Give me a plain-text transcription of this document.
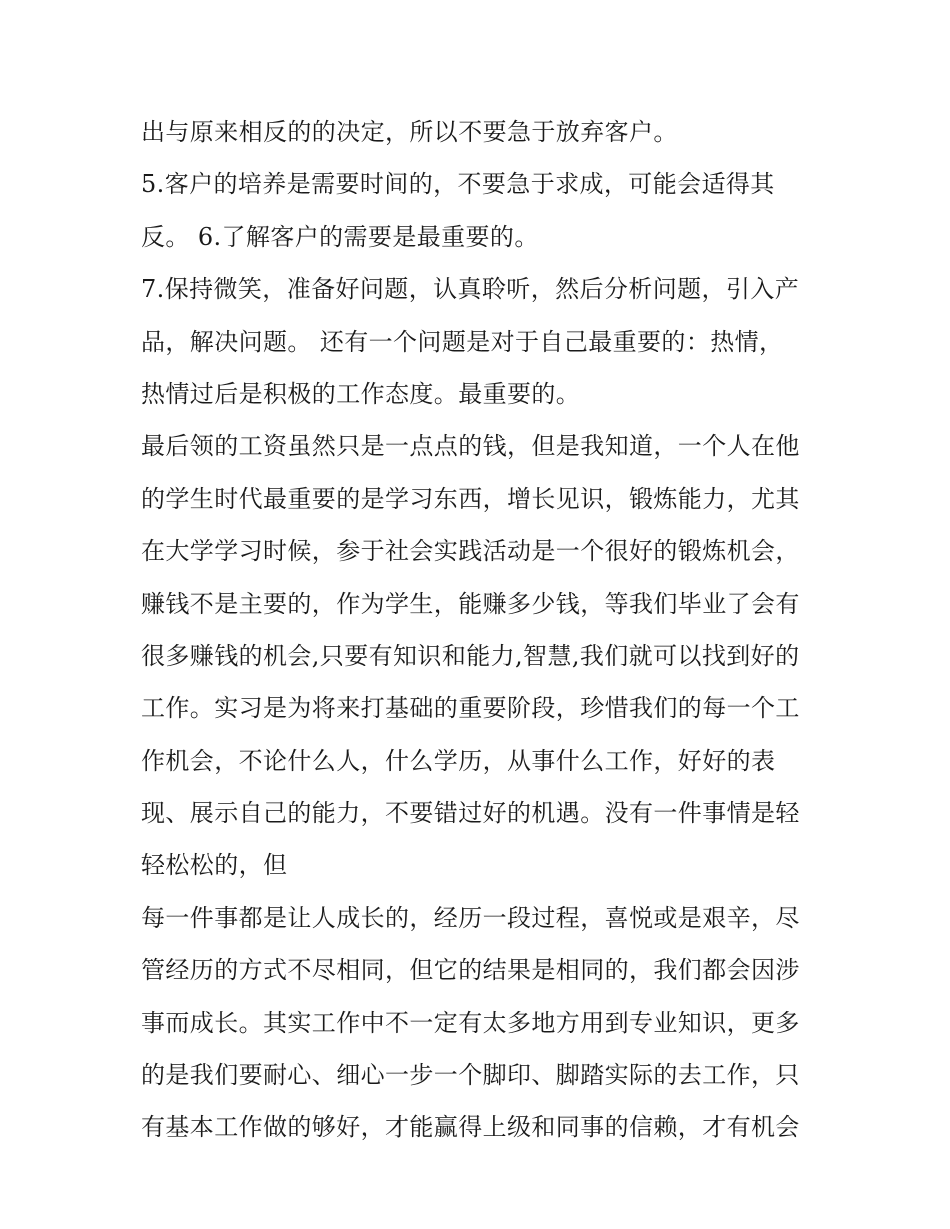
出与原来相反的的决定，所以不要急于放弃客户。
5.客户的培养是需要时间的，不要急于求成，可能会适得其
反。 6.了解客户的需要是最重要的。
7.保持微笑，准备好问题，认真聆听，然后分析问题，引入产
品，解决问题。 还有一个问题是对于自己最重要的：热情，
热情过后是积极的工作态度。最重要的。
最后领的工资虽然只是一点点的钱，但是我知道，一个人在他
的学生时代最重要的是学习东西，增长见识，锻炼能力，尤其
在大学学习时候，参于社会实践活动是一个很好的锻炼机会，
赚钱不是主要的，作为学生，能赚多少钱，等我们毕业了会有
很多赚钱的机会,只要有知识和能力,智慧,我们就可以找到好的
工作。实习是为将来打基础的重要阶段，珍惜我们的每一个工
作机会，不论什么人，什么学历，从事什么工作，好好的表
现、展示自己的能力，不要错过好的机遇。没有一件事情是轻
轻松松的，但
每一件事都是让人成长的，经历一段过程，喜悦或是艰辛，尽
管经历的方式不尽相同，但它的结果是相同的，我们都会因涉
事而成长。其实工作中不一定有太多地方用到专业知识，更多
的是我们要耐心、细心一步一个脚印、脚踏实际的去工作，只
有基本工作做的够好，才能赢得上级和同事的信赖，才有机会
